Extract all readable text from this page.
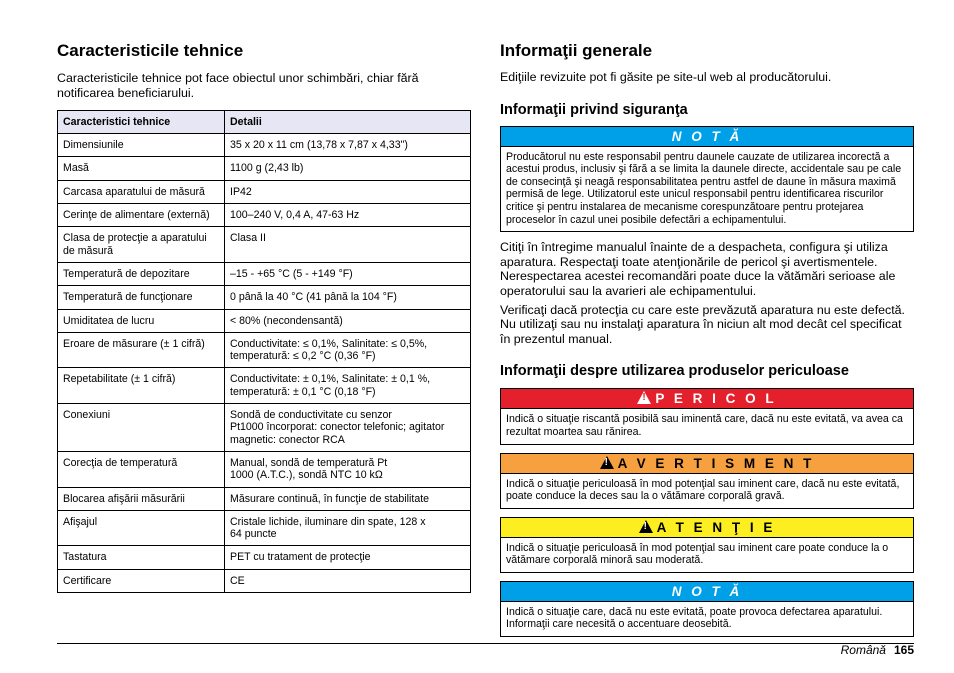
Caracteristicile tehnice

Caracteristicile tehnice pot face obiectul unor schimbări, chiar fără notificarea beneficiarului.

Caracteristici tehnice	Detalii
Dimensiunile	35 x 20 x 11 cm (13,78 x 7,87 x 4,33")
Masă	1100 g (2,43 lb)
Carcasa aparatului de măsură	IP42
Cerinţe de alimentare (externă)	100–240 V, 0,4 A, 47-63 Hz
Clasa de protecţie a aparatului de măsură	Clasa II
Temperatură de depozitare	–15 - +65 °C (5 - +149 °F)
Temperatură de funcţionare	0 până la 40 °C (41 până la 104 °F)
Umiditatea de lucru	< 80% (necondensantă)
Eroare de măsurare (± 1 cifră)	Conductivitate: ≤ 0,1%, Salinitate: ≤ 0,5%, temperatură: ≤ 0,2 °C (0,36 °F)
Repetabilitate (± 1 cifră)	Conductivitate: ± 0,1%, Salinitate: ± 0,1 %, temperatură: ± 0,1 °C (0,18 °F)
Conexiuni	Sondă de conductivitate cu senzor
Pt1000 încorporat: conector telefonic; agitator magnetic: conector RCA
Corecţia de temperatură	Manual, sondă de temperatură Pt
1000 (A.T.C.), sondă NTC 10 kΩ
Blocarea afişării măsurării	Măsurare continuă, în funcţie de stabilitate
Afişajul	Cristale lichide, iluminare din spate, 128 x
64 puncte
Tastatura	PET cu tratament de protecţie
Certificare	CE
Informaţii generale

Ediţiile revizuite pot fi găsite pe site-ul web al producătorului.

Informaţii privind siguranţa
N O T Ă
Producătorul nu este responsabil pentru daunele cauzate de utilizarea incorectă a acestui produs, inclusiv şi fără a se limita la daunele directe, accidentale sau pe cale de consecinţă şi neagă responsabilitatea pentru astfel de daune în măsura maximă permisă de lege. Utilizatorul este unicul responsabil pentru identificarea riscurilor critice şi pentru instalarea de mecanisme corespunzătoare pentru protejarea proceselor în cazul unei posibile defectări a echipamentului.

Citiţi în întregime manualul înainte de a despacheta, configura şi utiliza aparatura. Respectaţi toate atenţionările de pericol şi avertismentele. Nerespectarea acestei recomandări poate duce la vătămări serioase ale operatorului sau la avarieri ale echipamentului.

Verificaţi dacă protecţia cu care este prevăzută aparatura nu este defectă. Nu utilizaţi sau nu instalaţi aparatura în niciun alt mod decât cel specificat în prezentul manual.

Informaţii despre utilizarea produselor periculoase
!P E R I C O L
Indică o situaţie riscantă posibilă sau iminentă care, dacă nu este evitată, va avea ca rezultat moartea sau rănirea.
!A V E R T I S M E N T
Indică o situaţie periculoasă în mod potenţial sau iminent care, dacă nu este evitată, poate conduce la deces sau la o vătămare corporală gravă.
!A T E N Ţ I E
Indică o situaţie periculoasă în mod potenţial sau iminent care poate conduce la o vătămare corporală minoră sau moderată.
N O T Ă
Indică o situaţie care, dacă nu este evitată, poate provoca defectarea aparatului. Informaţii care necesită o accentuare deosebită.
Română 165
